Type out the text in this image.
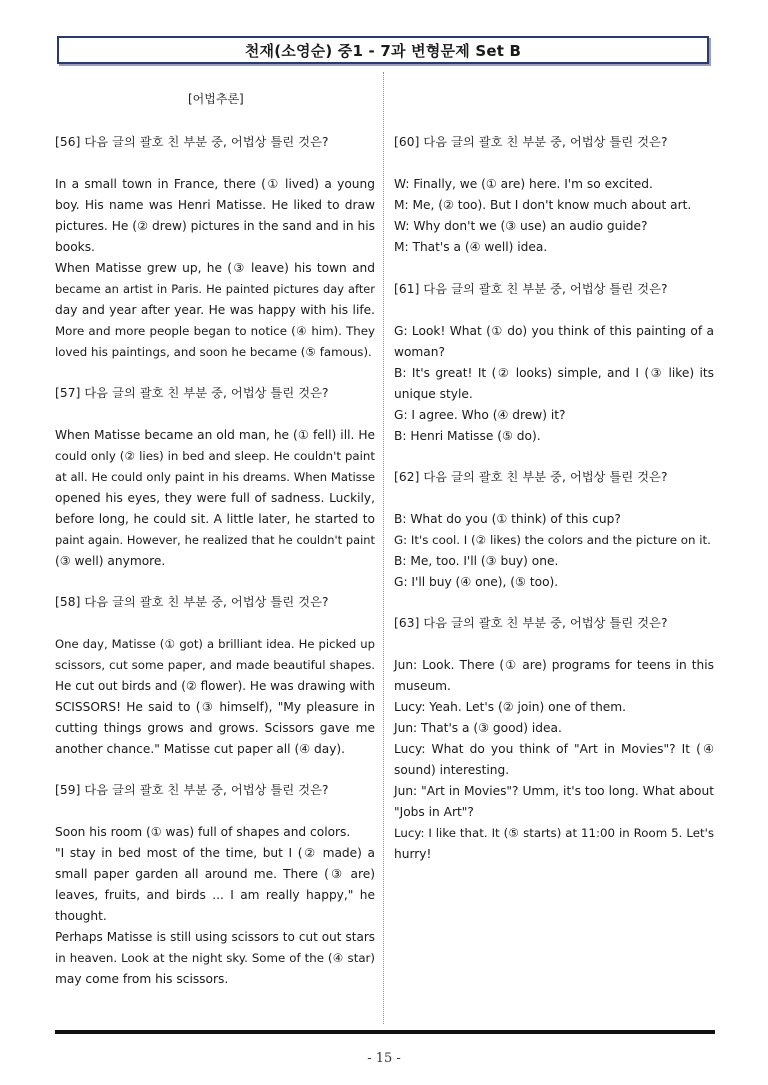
천재(소영순) 중1 - 7과 변형문제 Set B
[어법추론]
[56] 다음 글의 괄호 친 부분 중, 어법상 틀린 것은?
In a small town in France, there (① lived) a young
boy. His name was Henri Matisse. He liked to draw
pictures. He (② drew) pictures in the sand and in his
books.
When Matisse grew up, he (③ leave) his town and
became an artist in Paris. He painted pictures day after
day and year after year. He was happy with his life.
More and more people began to notice (④ him). They
loved his paintings, and soon he became (⑤ famous).
[57] 다음 글의 괄호 친 부분 중, 어법상 틀린 것은?
When Matisse became an old man, he (① fell) ill. He
could only (② lies) in bed and sleep. He couldn't paint
at all. He could only paint in his dreams. When Matisse
opened his eyes, they were full of sadness. Luckily,
before long, he could sit. A little later, he started to
paint again. However, he realized that he couldn't paint
(③ well) anymore.
[58] 다음 글의 괄호 친 부분 중, 어법상 틀린 것은?
One day, Matisse (① got) a brilliant idea. He picked up
scissors, cut some paper, and made beautiful shapes.
He cut out birds and (② flower). He was drawing with
SCISSORS! He said to (③ himself), "My pleasure in
cutting things grows and grows. Scissors gave me
another chance." Matisse cut paper all (④ day).
[59] 다음 글의 괄호 친 부분 중, 어법상 틀린 것은?
Soon his room (① was) full of shapes and colors.
"I stay in bed most of the time, but I (② made) a
small paper garden all around me. There (③ are)
leaves, fruits, and birds ... I am really happy," he
thought.
Perhaps Matisse is still using scissors to cut out stars
in heaven. Look at the night sky. Some of the (④ star)
may come from his scissors.
[60] 다음 글의 괄호 친 부분 중, 어법상 틀린 것은?
W: Finally, we (① are) here. I'm so excited.
M: Me, (② too). But I don't know much about art.
W: Why don't we (③ use) an audio guide?
M: That's a (④ well) idea.
[61] 다음 글의 괄호 친 부분 중, 어법상 틀린 것은?
G: Look! What (① do) you think of this painting of a
woman?
B: It's great! It (② looks) simple, and I (③ like) its
unique style.
G: I agree. Who (④ drew) it?
B: Henri Matisse (⑤ do).
[62] 다음 글의 괄호 친 부분 중, 어법상 틀린 것은?
B: What do you (① think) of this cup?
G: It's cool. I (② likes) the colors and the picture on it.
B: Me, too. I'll (③ buy) one.
G: I'll buy (④ one), (⑤ too).
[63] 다음 글의 괄호 친 부분 중, 어법상 틀린 것은?
Jun: Look. There (① are) programs for teens in this
museum.
Lucy: Yeah. Let's (② join) one of them.
Jun: That's a (③ good) idea.
Lucy: What do you think of "Art in Movies"? It (④
sound) interesting.
Jun: "Art in Movies"? Umm, it's too long. What about
"Jobs in Art"?
Lucy: I like that. It (⑤ starts) at 11:00 in Room 5. Let's
hurry!
- 15 -
